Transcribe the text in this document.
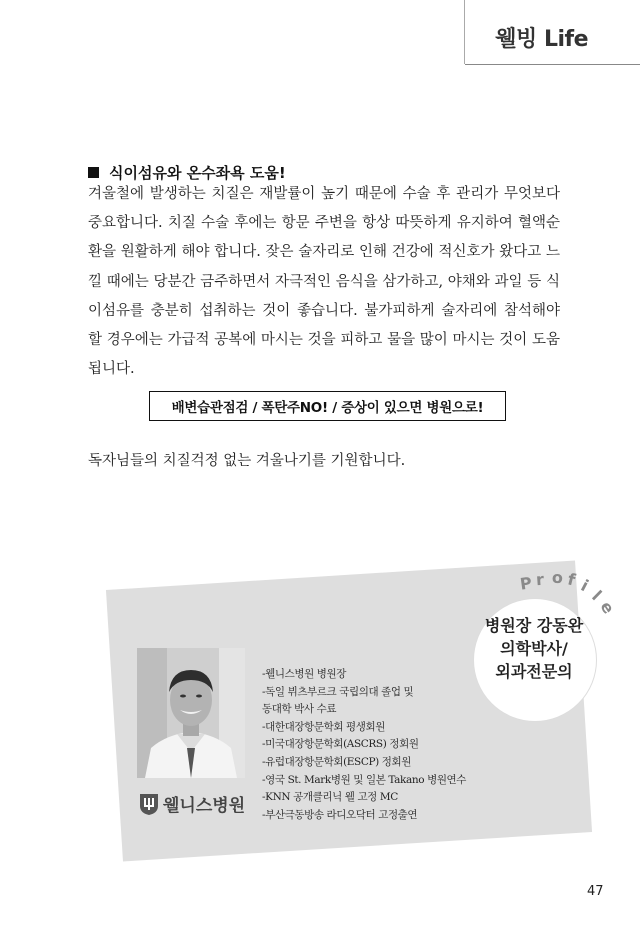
웰빙 Life
식이섬유와 온수좌욕 도움!

겨울철에 발생하는 치질은 재발률이 높기 때문에 수술 후 관리가 무엇보다 중요합니다. 치질 수술 후에는 항문 주변을 항상 따뜻하게 유지하여 혈액순환을 원활하게 해야 합니다. 잦은 술자리로 인해 건강에 적신호가 왔다고 느낄 때에는 당분간 금주하면서 자극적인 음식을 삼가하고, 야채와 과일 등 식이섬유를 충분히 섭취하는 것이 좋습니다. 불가피하게 술자리에 참석해야 할 경우에는 가급적 공복에 마시는 것을 피하고 물을 많이 마시는 것이 도움됩니다.

배변습관점검 / 폭탄주NO! / 증상이 있으면 병원으로!
독자님들의 치질걱정 없는 겨울나기를 기원합니다.
P r o f i
l
e
병원장 강동완
의학박사/
외과전문의
웰니스병원
-웰니스병원 병원장
-독일 뷔츠부르크 국립의대 졸업 및
동대학 박사 수료
-대한대장항문학회 평생회원
-미국대장항문학회(ASCRS) 정회원
-유럽대장항문학회(ESCP) 정회원
-영국 St. Mark병원 및 일본 Takano 병원연수
-KNN 공개클리닉 웰 고정 MC
-부산극동방송 라디오닥터 고정출연
47
